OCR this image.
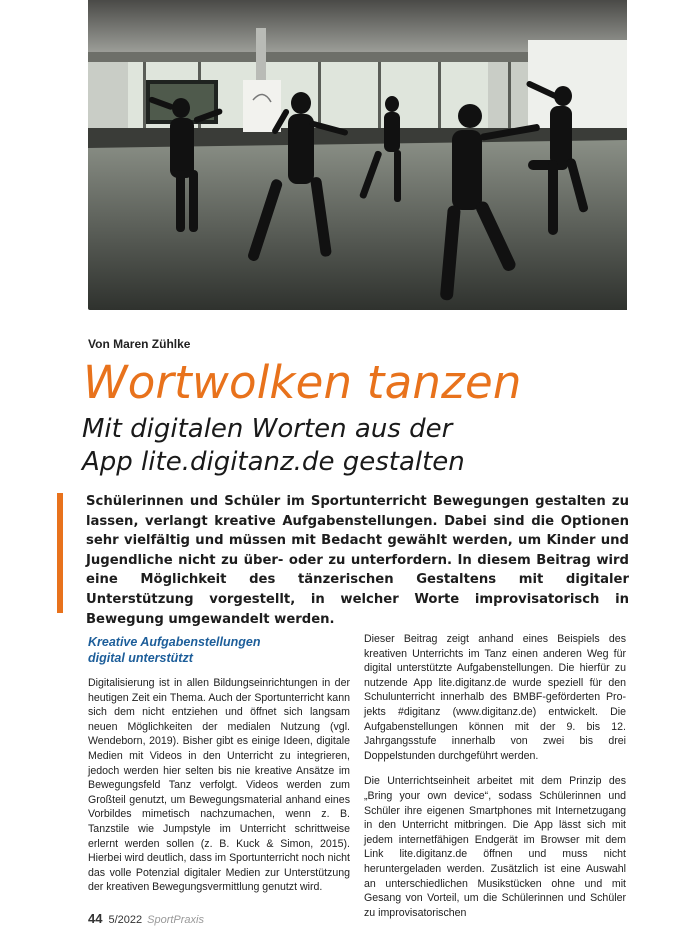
Von Maren Zühlke
Wortwolken tanzen
Mit digitalen Worten aus der
App lite.digitanz.de gestalten
Schülerinnen und Schüler im Sportunterricht Bewegungen gestalten zu lassen, verlangt kreative Aufgabenstellungen. Dabei sind die Optionen sehr vielfältig und müssen mit Bedacht gewählt werden, um Kinder und Jugendliche nicht zu über- oder zu unterfordern. In diesem Beitrag wird eine Möglichkeit des tänzerischen Gestaltens mit digitaler Unterstützung vorgestellt, in welcher Worte improvisatorisch in Bewegung umgewandelt werden.
Kreative Aufgabenstellungen
digital unterstützt

Digitalisierung ist in allen Bildungseinrichtungen in der heutigen Zeit ein Thema. Auch der Sportunterricht kann sich dem nicht entziehen und öffnet sich langsam neuen Möglichkeiten der medialen Nutzung (vgl. Wendeborn, 2019). Bisher gibt es einige Ideen, digitale Medien mit Videos in den Unterricht zu integrieren, jedoch werden hier selten bis nie kreative Ansätze im Bewegungsfeld Tanz verfolgt. Videos werden zum Großteil genutzt, um Bewegungsmaterial anhand eines Vorbildes mimetisch nachzumachen, wenn z. B. Tanzstile wie Jumpstyle im Unterricht schrittweise erlernt werden sollen (z. B. Kuck & Simon, 2015). Hierbei wird deutlich, dass im Sportunterricht noch nicht das volle Potenzial digitaler Medien zur Unterstützung der kreativen Bewegungsvermittlung genutzt wird.

Dieser Beitrag zeigt anhand eines Beispiels des kreativen Unterrichts im Tanz einen anderen Weg für digital unterstützte Aufgabenstellungen. Die hierfür zu nutzende App lite.digitanz.de wurde speziell für den Schulunterricht innerhalb des BMBF-geförderten Pro-jekts #digitanz (www.digitanz.de) entwickelt. Die Aufgabenstellungen können mit der 9. bis 12. Jahrgangsstufe innerhalb von zwei bis drei Doppelstunden durchgeführt werden.

Die Unterrichtseinheit arbeitet mit dem Prinzip des „Bring your own device“, sodass Schülerinnen und Schüler ihre eigenen Smartphones mit Internetzugang in den Unterricht mitbringen. Die App lässt sich mit jedem internetfähigen Endgerät im Browser mit dem Link lite.digitanz.de öffnen und muss nicht heruntergeladen werden. Zusätzlich ist eine Auswahl an unterschiedlichen Musikstücken ohne und mit Gesang von Vorteil, um die Schülerinnen und Schüler zu improvisatorischen

44 5/2022 SportPraxis
